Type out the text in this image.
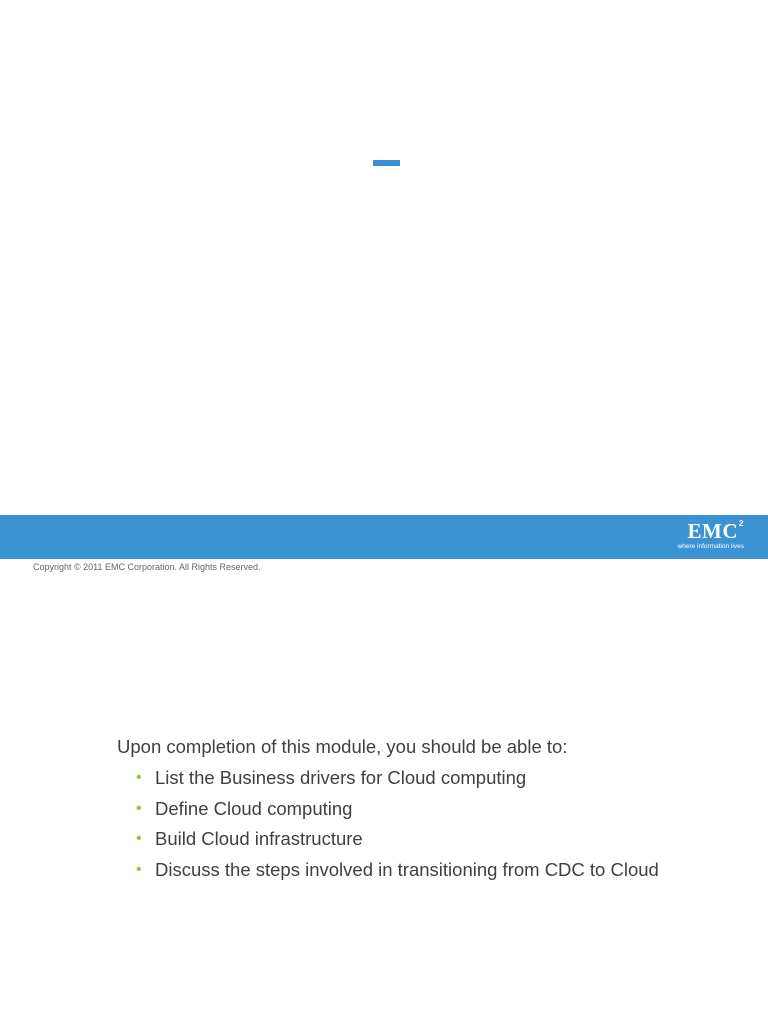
EMC 2
where information lives
Copyright © 2011 EMC Corporation. All Rights Reserved.

Upon completion of this module, you should be able to:

• List the Business drivers for Cloud computing
• Define Cloud computing
• Build Cloud infrastructure
• Discuss the steps involved in transitioning from CDC to Cloud
